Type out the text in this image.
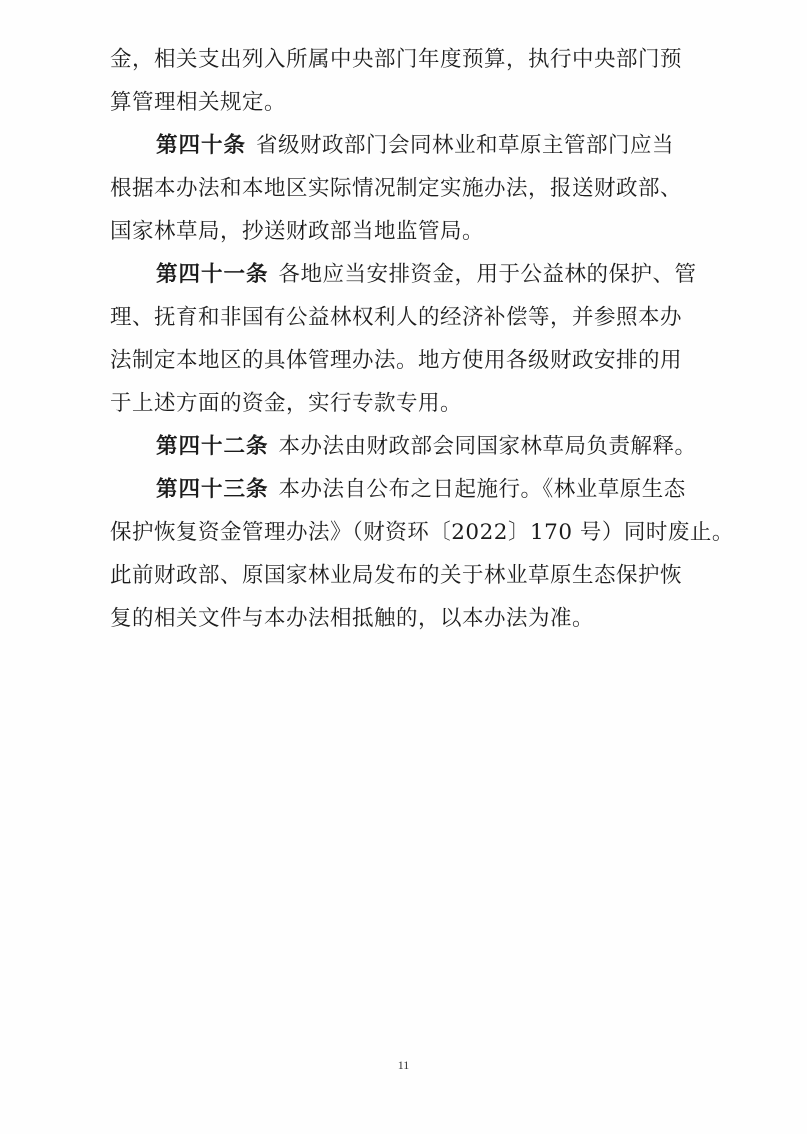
金，相关支出列入所属中央部门年度预算，执行中央部门预
算管理相关规定。
第四十条 省级财政部门会同林业和草原主管部门应当
根据本办法和本地区实际情况制定实施办法，报送财政部、
国家林草局，抄送财政部当地监管局。
第四十一条 各地应当安排资金，用于公益林的保护、管
理、抚育和非国有公益林权利人的经济补偿等，并参照本办
法制定本地区的具体管理办法。地方使用各级财政安排的用
于上述方面的资金，实行专款专用。
第四十二条 本办法由财政部会同国家林草局负责解释。
第四十三条 本办法自公布之日起施行。《林业草原生态
保护恢复资金管理办法》（财资环〔2022〕170 号）同时废止。
此前财政部、原国家林业局发布的关于林业草原生态保护恢
复的相关文件与本办法相抵触的，以本办法为准。
11
